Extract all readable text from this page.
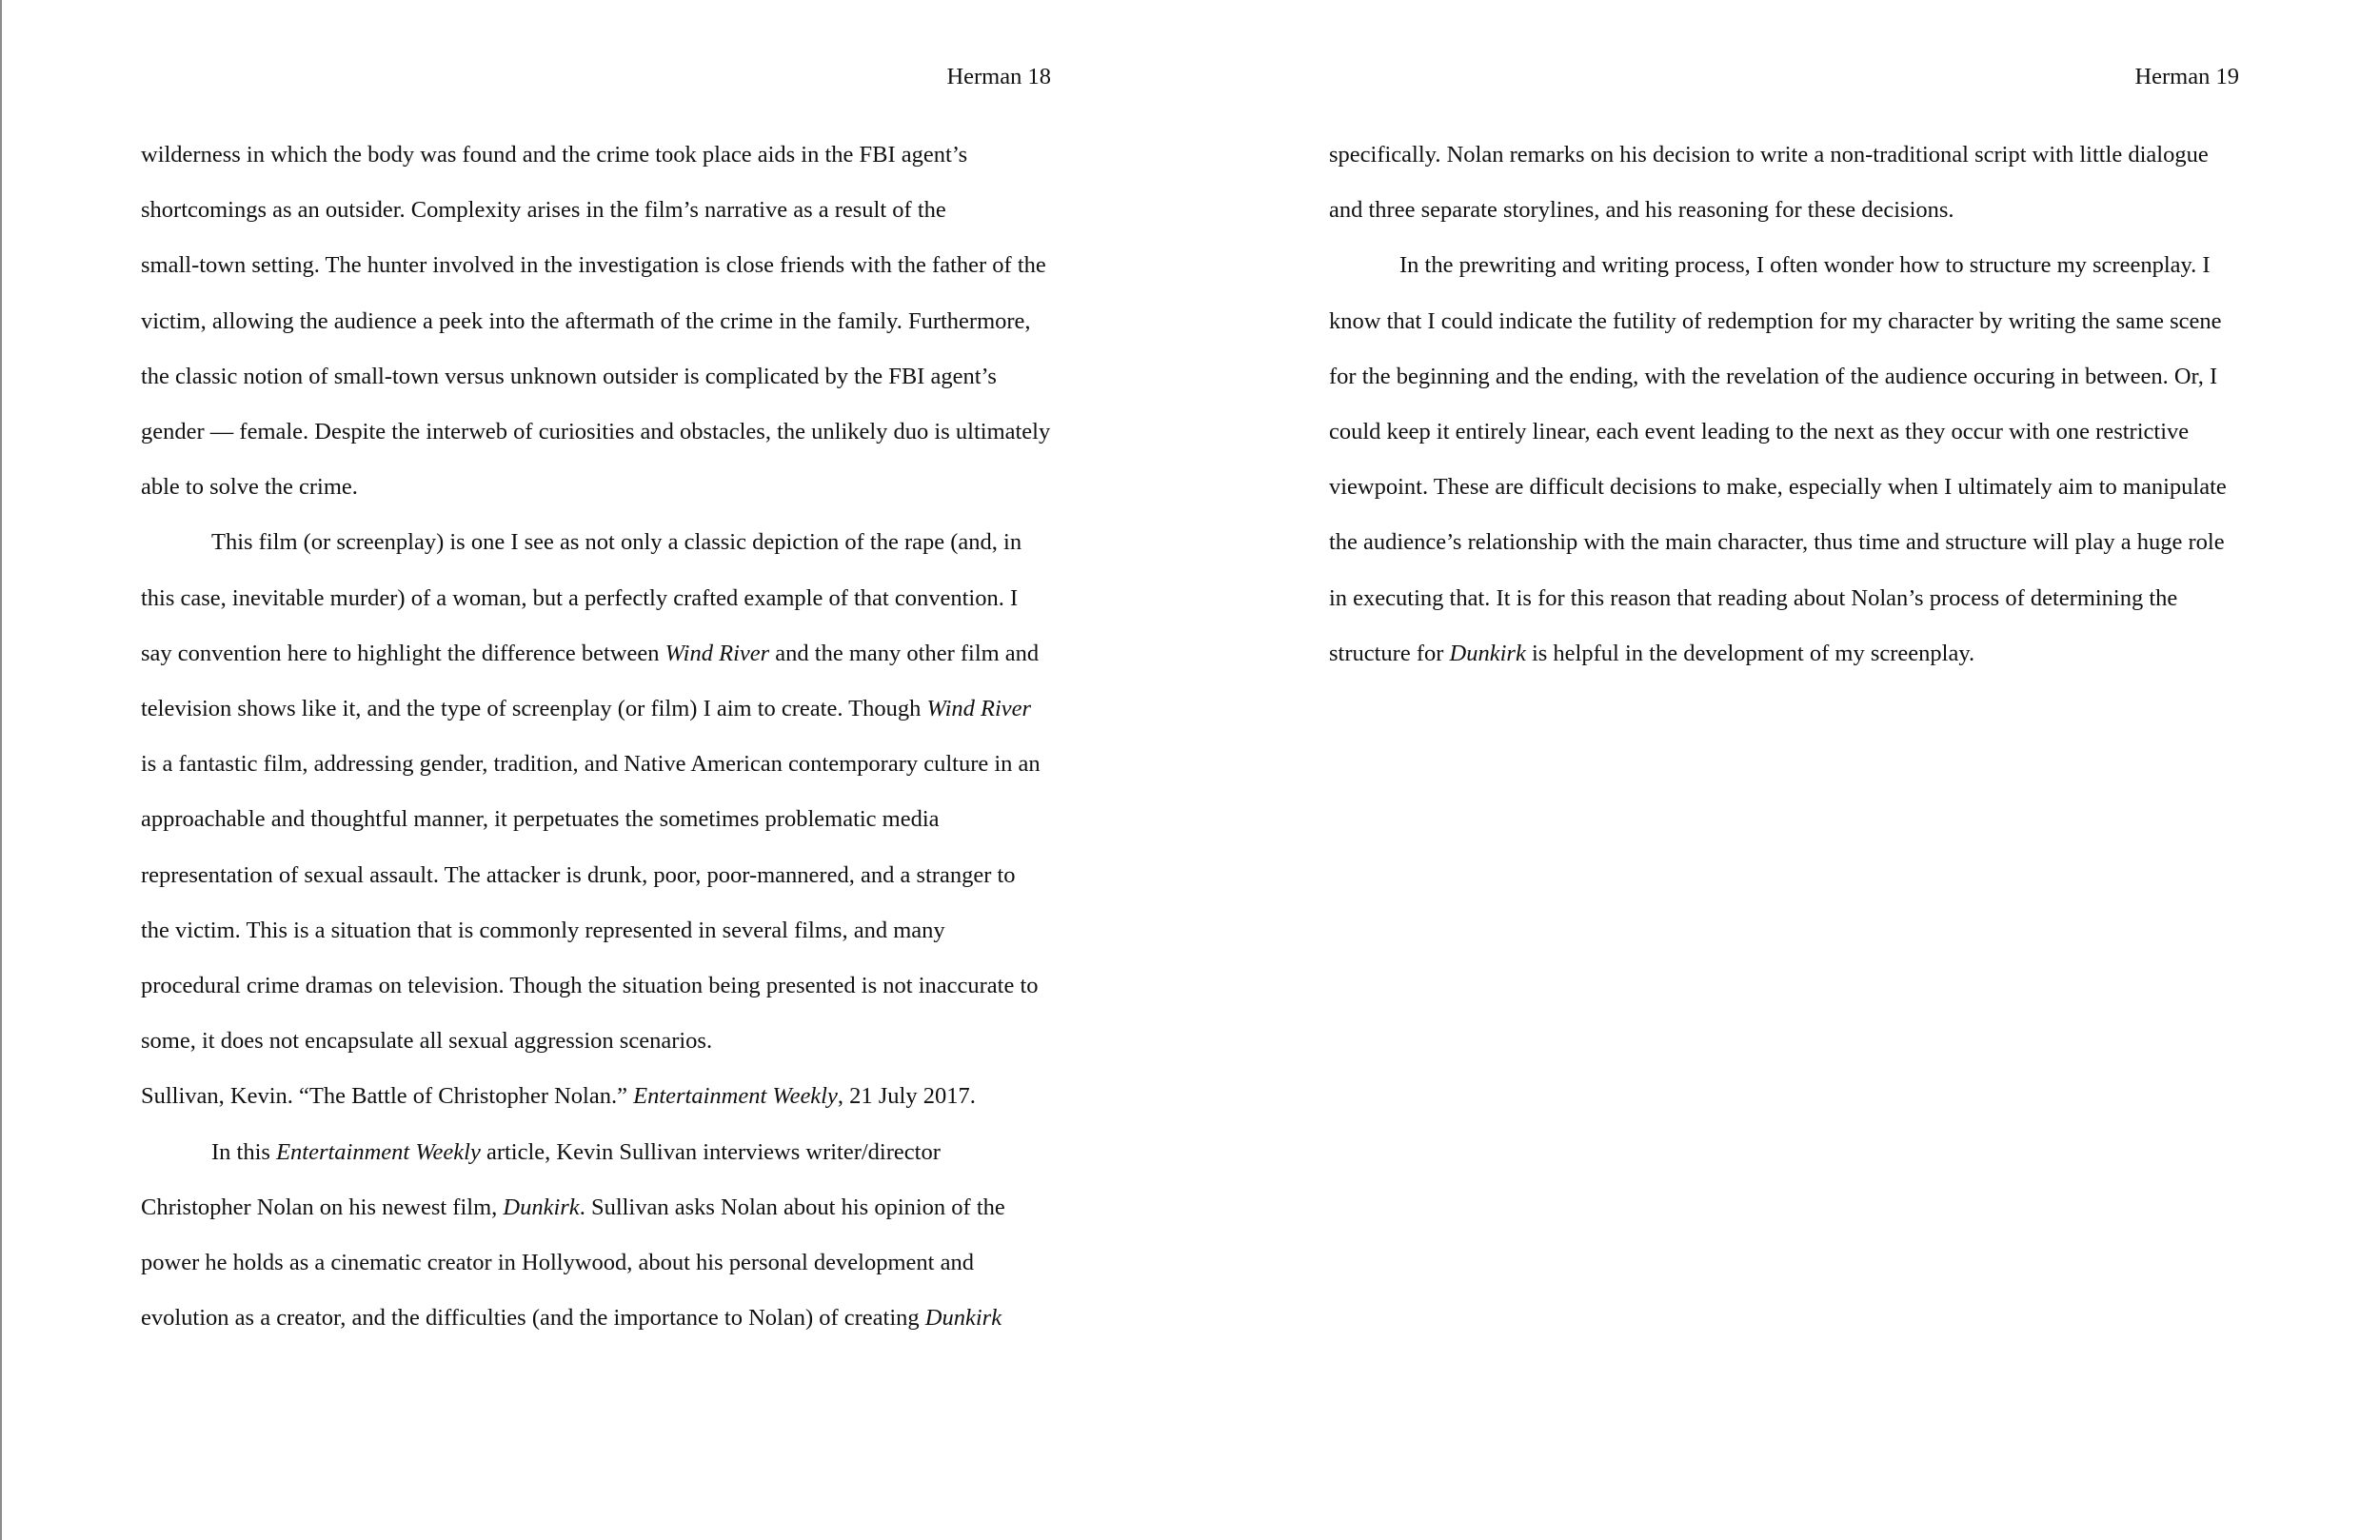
Herman 18
wilderness in which the body was found and the crime took place aids in the FBI agent’s
shortcomings as an outsider. Complexity arises in the film’s narrative as a result of the
small-town setting. The hunter involved in the investigation is close friends with the father of the
victim, allowing the audience a peek into the aftermath of the crime in the family. Furthermore,
the classic notion of small-town versus unknown outsider is complicated by the FBI agent’s
gender — female. Despite the interweb of curiosities and obstacles, the unlikely duo is ultimately
able to solve the crime.
This film (or screenplay) is one I see as not only a classic depiction of the rape (and, in
this case, inevitable murder) of a woman, but a perfectly crafted example of that convention. I
say convention here to highlight the difference between Wind River and the many other film and
television shows like it, and the type of screenplay (or film) I aim to create. Though Wind River
is a fantastic film, addressing gender, tradition, and Native American contemporary culture in an
approachable and thoughtful manner, it perpetuates the sometimes problematic media
representation of sexual assault. The attacker is drunk, poor, poor-mannered, and a stranger to
the victim. This is a situation that is commonly represented in several films, and many
procedural crime dramas on television. Though the situation being presented is not inaccurate to
some, it does not encapsulate all sexual aggression scenarios.
Sullivan, Kevin. “The Battle of Christopher Nolan.” Entertainment Weekly, 21 July 2017.
In this Entertainment Weekly article, Kevin Sullivan interviews writer/director
Christopher Nolan on his newest film, Dunkirk. Sullivan asks Nolan about his opinion of the
power he holds as a cinematic creator in Hollywood, about his personal development and
evolution as a creator, and the difficulties (and the importance to Nolan) of creating Dunkirk
Herman 19
specifically. Nolan remarks on his decision to write a non-traditional script with little dialogue
and three separate storylines, and his reasoning for these decisions.
In the prewriting and writing process, I often wonder how to structure my screenplay. I
know that I could indicate the futility of redemption for my character by writing the same scene
for the beginning and the ending, with the revelation of the audience occuring in between. Or, I
could keep it entirely linear, each event leading to the next as they occur with one restrictive
viewpoint. These are difficult decisions to make, especially when I ultimately aim to manipulate
the audience’s relationship with the main character, thus time and structure will play a huge role
in executing that. It is for this reason that reading about Nolan’s process of determining the
structure for Dunkirk is helpful in the development of my screenplay.
